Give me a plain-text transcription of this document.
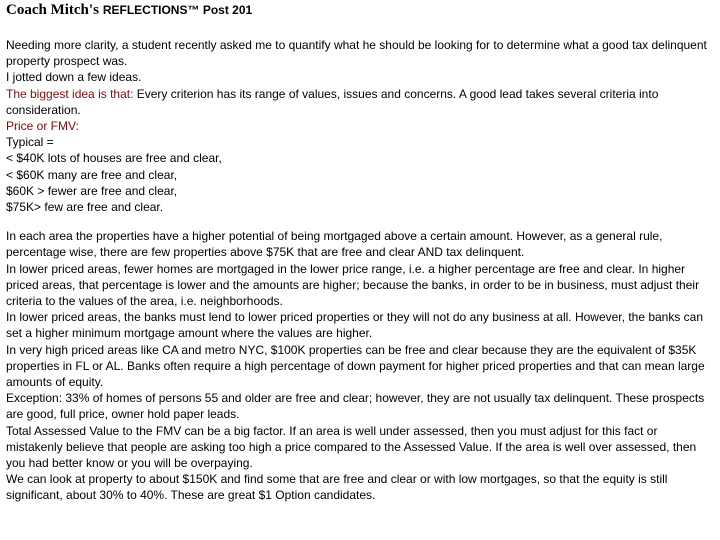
Coach Mitch's REFLECTIONS™ Post 201

Needing more clarity, a student recently asked me to quantify what he should be looking for to determine what a good tax delinquent property prospect was.

I jotted down a few ideas.

The biggest idea is that: Every criterion has its range of values, issues and concerns. A good lead takes several criteria into consideration.

Price or FMV:

Typical =

< $40K lots of houses are free and clear,

< $60K many are free and clear,

$60K > fewer are free and clear,

$75K> few are free and clear.

In each area the properties have a higher potential of being mortgaged above a certain amount. However, as a general rule, percentage wise, there are few properties above $75K that are free and clear AND tax delinquent.

In lower priced areas, fewer homes are mortgaged in the lower price range, i.e. a higher percentage are free and clear. In higher priced areas, that percentage is lower and the amounts are higher; because the banks, in order to be in business, must adjust their criteria to the values of the area, i.e. neighborhoods.

In lower priced areas, the banks must lend to lower priced properties or they will not do any business at all. However, the banks can set a higher minimum mortgage amount where the values are higher.

In very high priced areas like CA and metro NYC, $100K properties can be free and clear because they are the equivalent of $35K properties in FL or AL. Banks often require a high percentage of down payment for higher priced properties and that can mean large amounts of equity.

Exception: 33% of homes of persons 55 and older are free and clear; however, they are not usually tax delinquent. These prospects are good, full price, owner hold paper leads.

Total Assessed Value to the FMV can be a big factor. If an area is well under assessed, then you must adjust for this fact or mistakenly believe that people are asking too high a price compared to the Assessed Value. If the area is well over assessed, then you had better know or you will be overpaying.

We can look at property to about $150K and find some that are free and clear or with low mortgages, so that the equity is still significant, about 30% to 40%. These are great $1 Option candidates.
